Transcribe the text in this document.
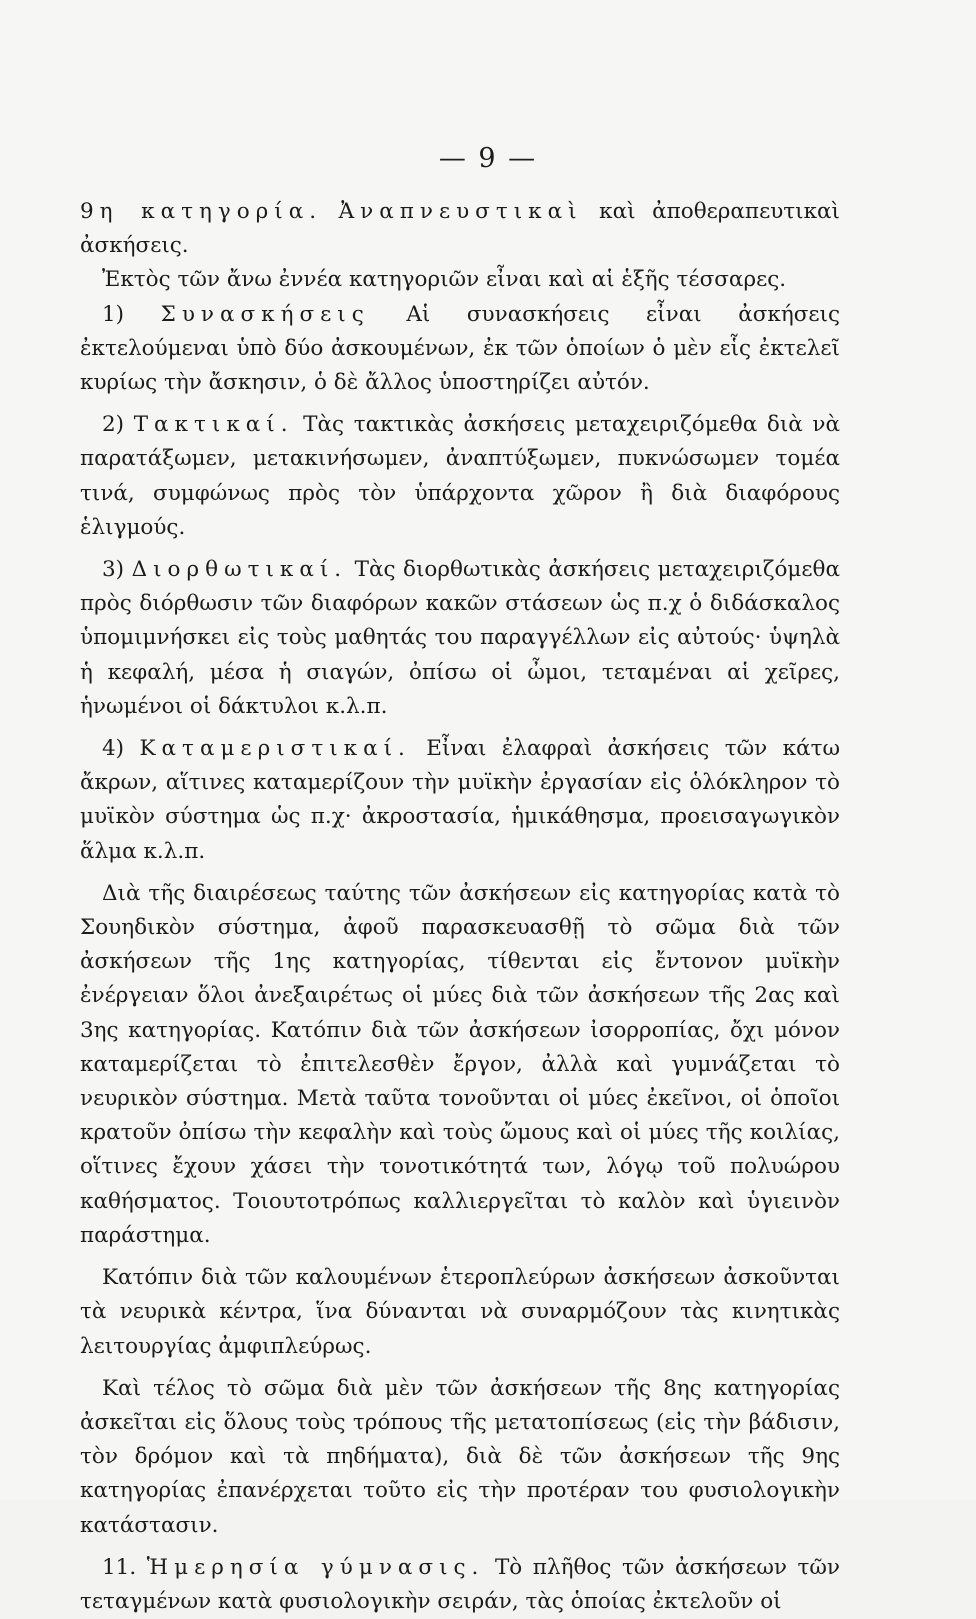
— 9 —

9η κατηγορία. Ἀναπνευστικαὶ καὶ ἀποθεραπευτικαὶ ἀσκήσεις.

Ἐκτὸς τῶν ἄνω ἐννέα κατηγοριῶν εἶναι καὶ αἱ ἑξῆς τέσσαρες.

1) Συνασκήσεις Αἱ συνασκήσεις εἶναι ἀσκήσεις ἐκτελούμεναι ὑπὸ δύο ἀσκουμένων, ἐκ τῶν ὁποίων ὁ μὲν εἷς ἐκτελεῖ κυρίως τὴν ἄσκησιν, ὁ δὲ ἄλλος ὑποστηρίζει αὐτόν.

2) Τακτικαί. Τὰς τακτικὰς ἀσκήσεις μεταχειριζόμεθα διὰ νὰ παρατάξωμεν, μετακινήσωμεν, ἀναπτύξωμεν, πυκνώσωμεν τομέα τινά, συμφώνως πρὸς τὸν ὑπάρχοντα χῶρον ἢ διὰ διαφόρους ἑλιγμούς.

3) Διορθωτικαί. Τὰς διορθωτικὰς ἀσκήσεις μεταχειριζόμεθα πρὸς διόρθωσιν τῶν διαφόρων κακῶν στάσεων ὡς π.χ ὁ διδάσκαλος ὑπομιμνήσκει εἰς τοὺς μαθητάς του παραγγέλλων εἰς αὐτούς· ὑψηλὰ ἡ κεφαλή, μέσα ἡ σιαγών, ὀπίσω οἱ ὦμοι, τεταμέναι αἱ χεῖρες, ἡνωμένοι οἱ δάκτυλοι κ.λ.π.

4) Καταμεριστικαί. Εἶναι ἐλαφραὶ ἀσκήσεις τῶν κάτω ἄκρων, αἵτινες καταμερίζουν τὴν μυϊκὴν ἐργασίαν εἰς ὁλόκληρον τὸ μυϊκὸν σύστημα ὡς π.χ· ἀκροστασία, ἡμικάθησμα, προεισαγωγικὸν ἅλμα κ.λ.π.

Διὰ τῆς διαιρέσεως ταύτης τῶν ἀσκήσεων εἰς κατηγορίας κατὰ τὸ Σουηδικὸν σύστημα, ἀφοῦ παρασκευασθῇ τὸ σῶμα διὰ τῶν ἀσκήσεων τῆς 1ης κατηγορίας, τίθενται εἰς ἔντονον μυϊκὴν ἐνέργειαν ὅλοι ἀνεξαιρέτως οἱ μύες διὰ τῶν ἀσκήσεων τῆς 2ας καὶ 3ης κατηγορίας. Κατόπιν διὰ τῶν ἀσκήσεων ἰσορροπίας, ὄχι μόνον καταμερίζεται τὸ ἐπιτελεσθὲν ἔργον, ἀλλὰ καὶ γυμνάζεται τὸ νευρικὸν σύστημα. Μετὰ ταῦτα τονοῦνται οἱ μύες ἐκεῖνοι, οἱ ὁποῖοι κρατοῦν ὀπίσω τὴν κεφαλὴν καὶ τοὺς ὤμους καὶ οἱ μύες τῆς κοιλίας, οἵτινες ἔχουν χάσει τὴν τονοτικότητά των, λόγῳ τοῦ πολυώρου καθήσματος. Τοιουτοτρόπως καλλιεργεῖται τὸ καλὸν καὶ ὑγιεινὸν παράστημα.

Κατόπιν διὰ τῶν καλουμένων ἑτεροπλεύρων ἀσκήσεων ἀσκοῦνται τὰ νευρικὰ κέντρα, ἵνα δύνανται νὰ συναρμόζουν τὰς κινητικὰς λειτουργίας ἀμφιπλεύρως.

Καὶ τέλος τὸ σῶμα διὰ μὲν τῶν ἀσκήσεων τῆς 8ης κατηγορίας ἀσκεῖται εἰς ὅλους τοὺς τρόπους τῆς μετατοπίσεως (εἰς τὴν βάδισιν, τὸν δρόμον καὶ τὰ πηδήματα), διὰ δὲ τῶν ἀσκήσεων τῆς 9ης κατηγορίας ἐπανέρχεται τοῦτο εἰς τὴν προτέραν του φυσιολογικὴν κατάστασιν.

11. Ἡμερησία γύμνασις. Τὸ πλῆθος τῶν ἀσκήσεων τῶν τεταγμένων κατὰ φυσιολογικὴν σειράν, τὰς ὁποίας ἐκτελοῦν οἱ
